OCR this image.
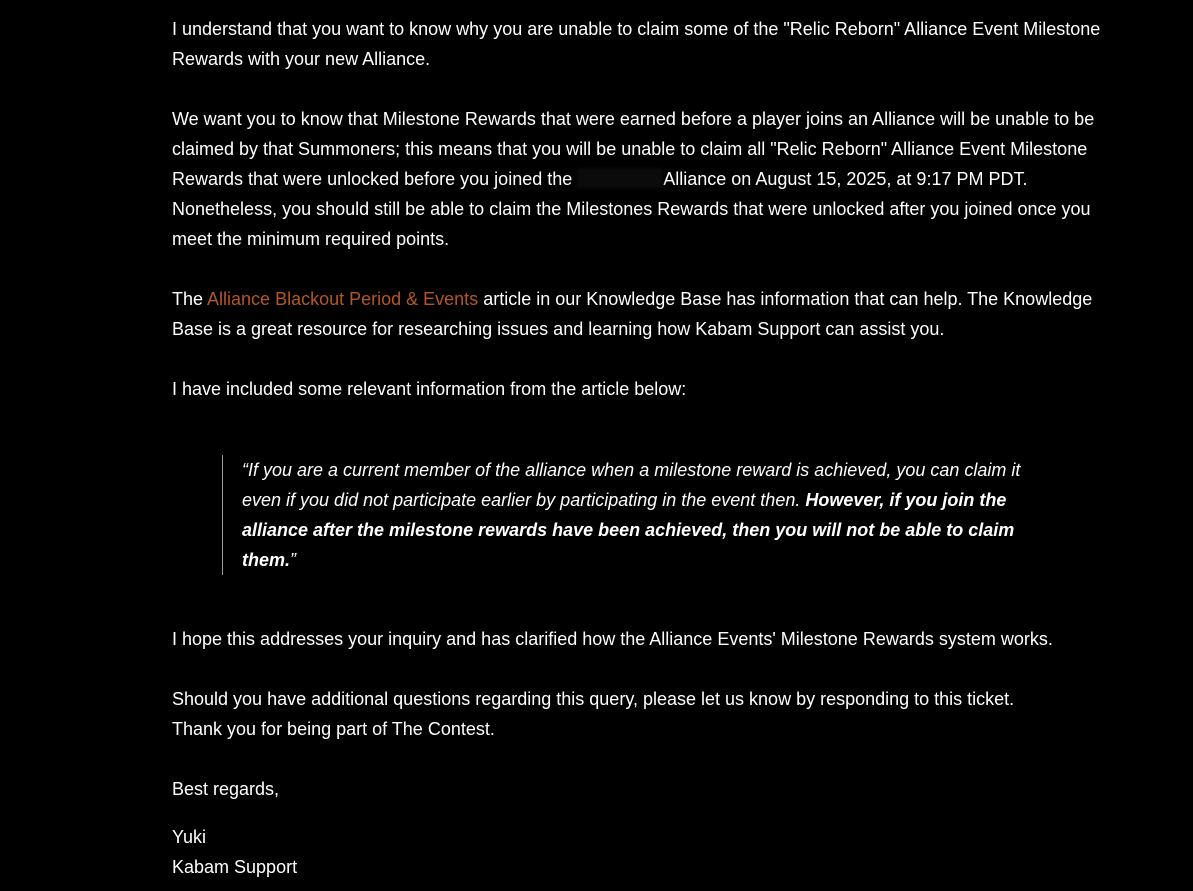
I understand that you want to know why you are unable to claim some of the "Relic Reborn" Alliance Event Milestone Rewards with your new Alliance.

We want you to know that Milestone Rewards that were earned before a player joins an Alliance will be unable to be claimed by that Summoners; this means that you will be unable to claim all "Relic Reborn" Alliance Event Milestone Rewards that were unlocked before you joined the	Alliance on August 15, 2025, at 9:17 PM PDT. Nonetheless, you should still be able to claim the Milestones Rewards that were unlocked after you joined once you meet the minimum required points.

The Alliance Blackout Period & Events article in our Knowledge Base has information that can help. The Knowledge Base is a great resource for researching issues and learning how Kabam Support can assist you.

I have included some relevant information from the article below:

“If you are a current member of the alliance when a milestone reward is achieved, you can claim it even if you did not participate earlier by participating in the event then. However, if you join the alliance after the milestone rewards have been achieved, then you will not be able to claim them.”

I hope this addresses your inquiry and has clarified how the Alliance Events' Milestone Rewards system works.

Should you have additional questions regarding this query, please let us know by responding to this ticket.
Thank you for being part of The Contest.

Best regards,

Yuki
Kabam Support
